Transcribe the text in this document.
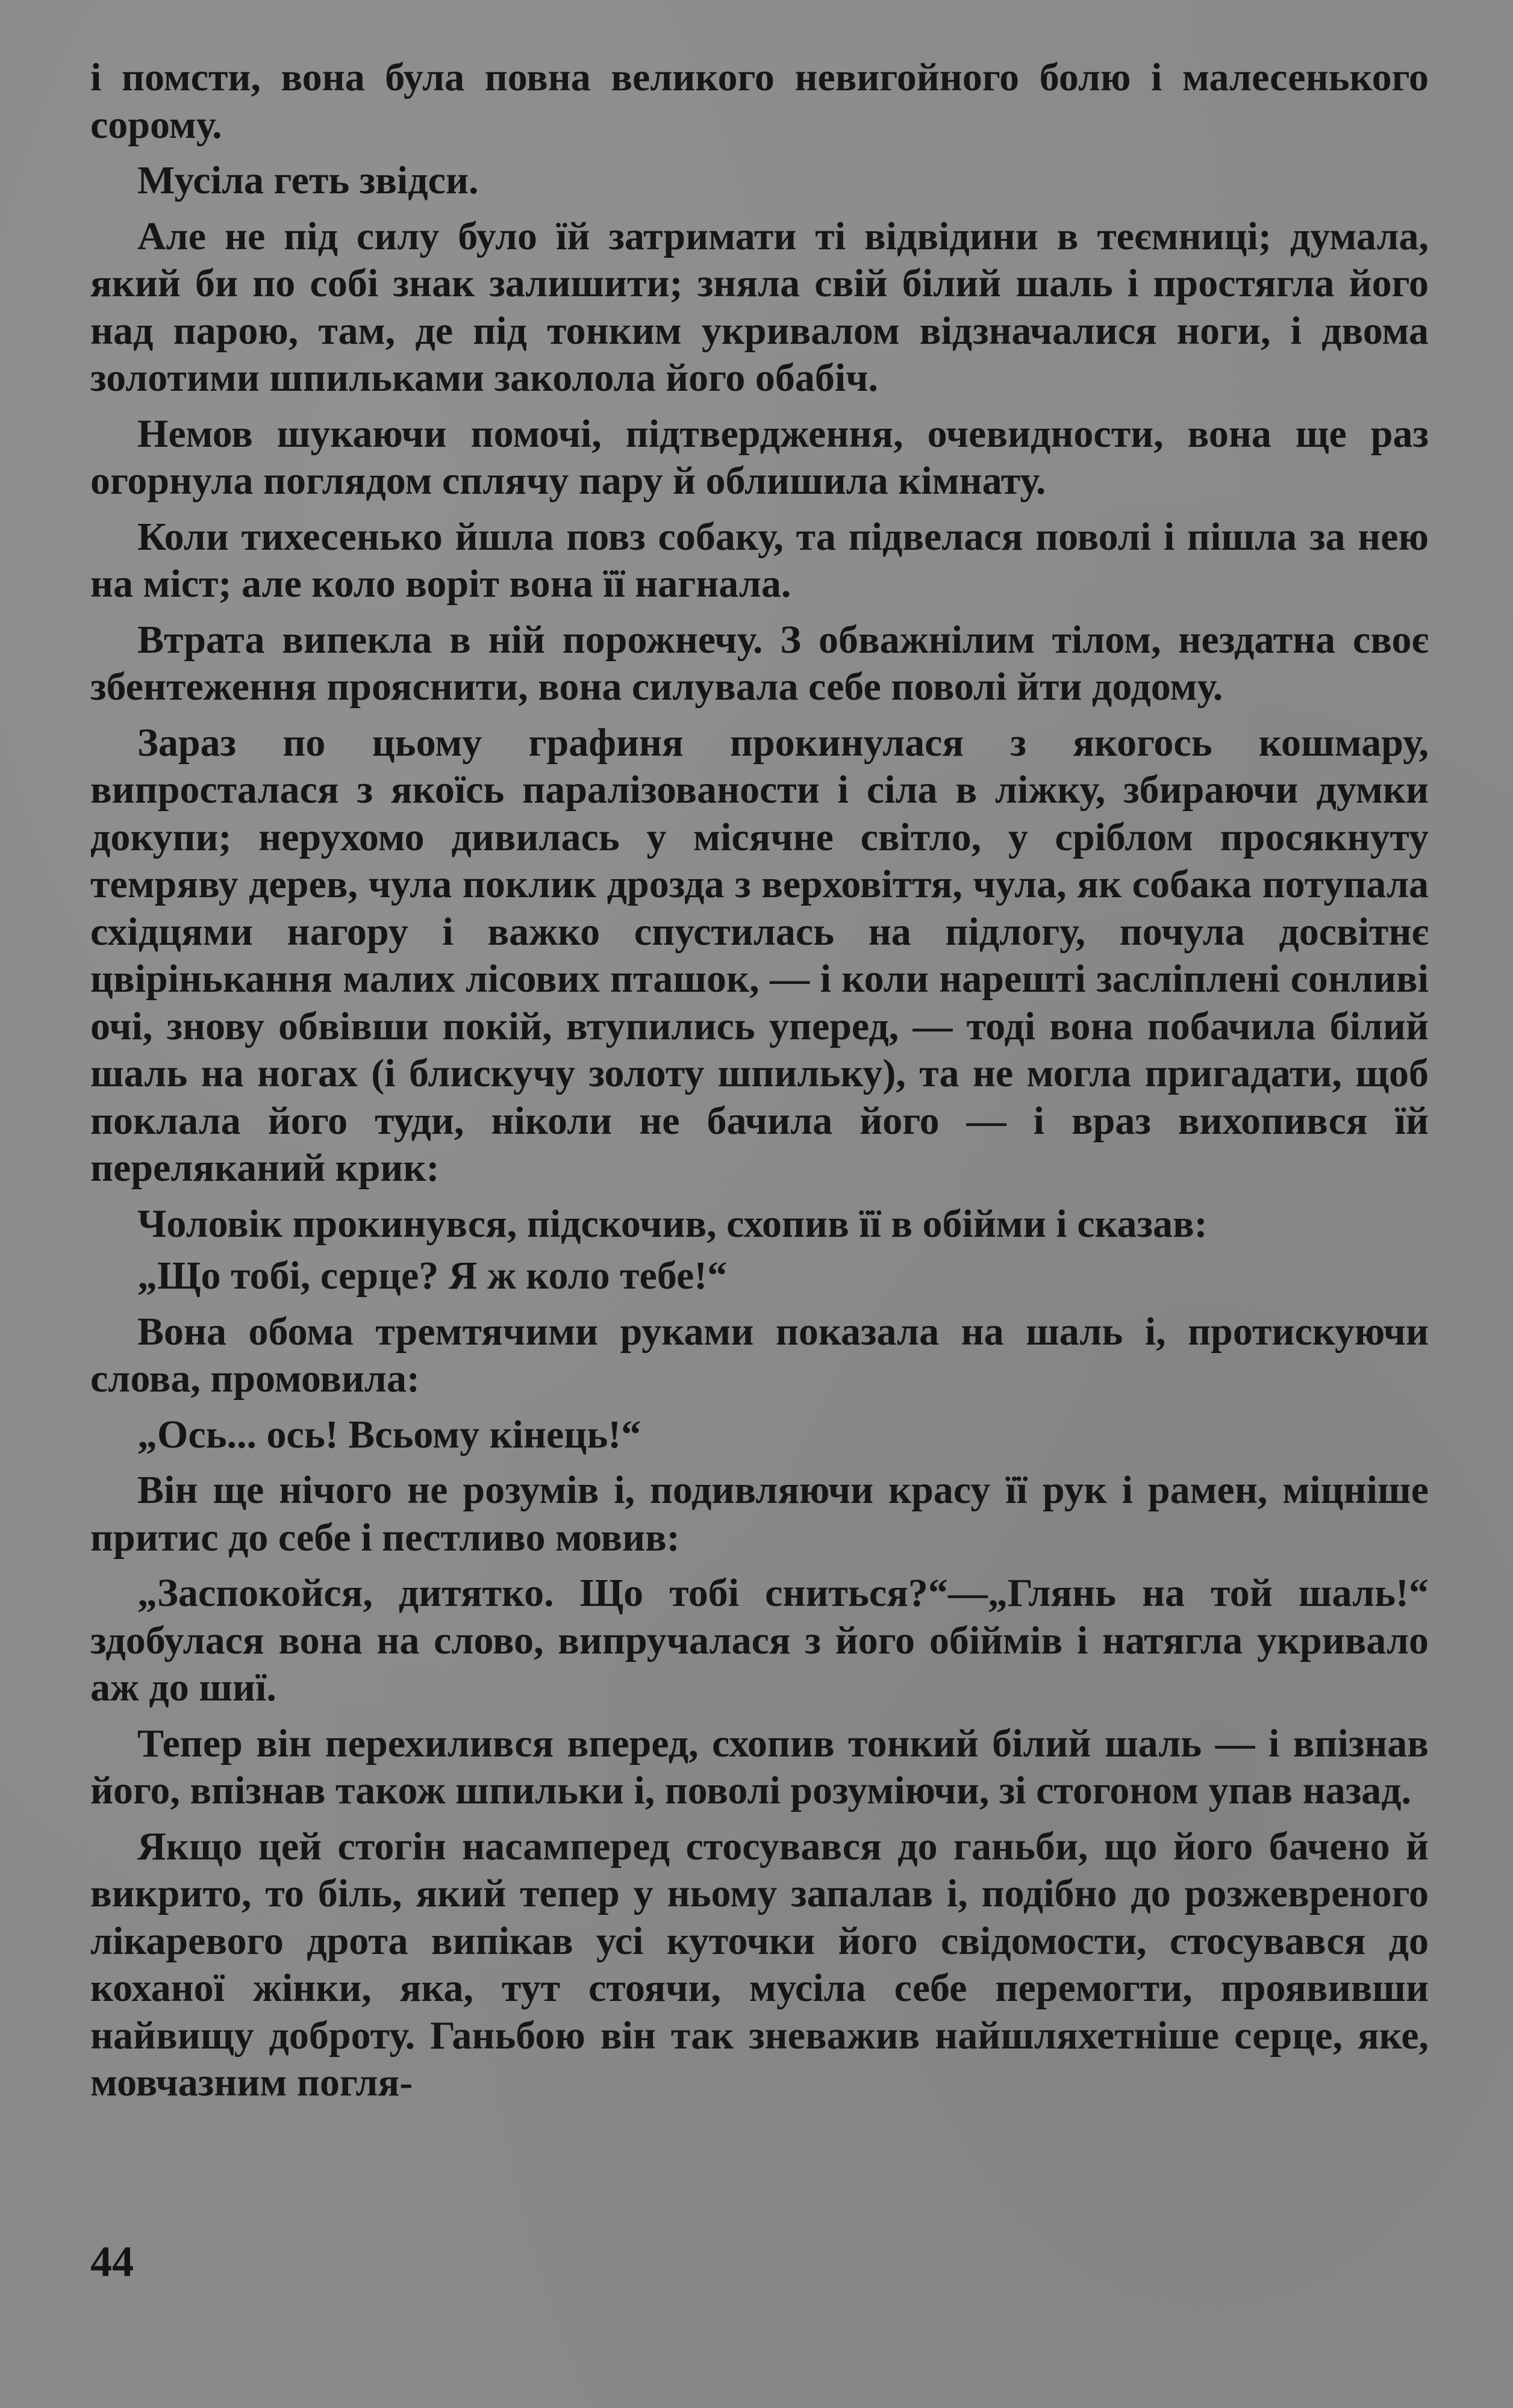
і помсти, вона була повна великого невигойного болю і малесенького сорому.

Мусіла геть звідси.

Але не під силу було їй затримати ті відвідини в теємниці; думала, який би по собі знак залишити; зняла свій білий шаль і простягла його над парою, там, де під тонким укривалом відзначалися ноги, і двома золотими шпильками заколола його обабіч.

Немов шукаючи помочі, підтвердження, очевидности, вона ще раз огорнула поглядом сплячу пару й облишила кімнату.

Коли тихесенько йшла повз собаку, та підвелася поволі і пішла за нею на міст; але коло воріт вона її нагнала.

Втрата випекла в ній порожнечу. З обважнілим тілом, нездатна своє збентеження прояснити, вона силувала себе поволі йти додому.

Зараз по цьому графиня прокинулася з якогось кошмару, випросталася з якоїсь паралізованости і сіла в ліжку, збираючи думки докупи; нерухомо дивилась у місячне світло, у сріблом просякнуту темряву дерев, чула поклик дрозда з верховіття, чула, як собака потупала східцями нагору і важко спустилась на підлогу, почула досвітнє цвірінькання малих лісових пташок, — і коли нарешті засліплені сонливі очі, знову обвівши покій, втупились уперед, — тоді вона побачила білий шаль на ногах (і блискучу золоту шпильку), та не могла пригадати, щоб поклала його туди, ніколи не бачила його — і враз вихопився їй переляканий крик:

Чоловік прокинувся, підскочив, схопив її в обійми і сказав:

„Що тобі, серце? Я ж коло тебе!“

Вона обома тремтячими руками показала на шаль і, протискуючи слова, промовила:

„Ось... ось! Всьому кінець!“

Він ще нічого не розумів і, подивляючи красу її рук і рамен, міцніше притис до себе і пестливо мовив:

„Заспокойся, дитятко. Що тобі сниться?“—„Глянь на той шаль!“ здобулася вона на слово, випручалася з його обіймів і натягла укривало аж до шиї.

Тепер він перехилився вперед, схопив тонкий білий шаль — і впізнав його, впізнав також шпильки і, поволі розуміючи, зі стогоном упав назад.

Якщо цей стогін насамперед стосувався до ганьби, що його бачено й викрито, то біль, який тепер у ньому запалав і, подібно до розжевреного лікаревого дрота випікав усі куточки його свідомости, стосувався до коханої жінки, яка, тут стоячи, мусіла себе перемогти, проявивши найвищу доброту. Ганьбою він так зневажив найшляхетніше серце, яке, мовчазним погля-

44
